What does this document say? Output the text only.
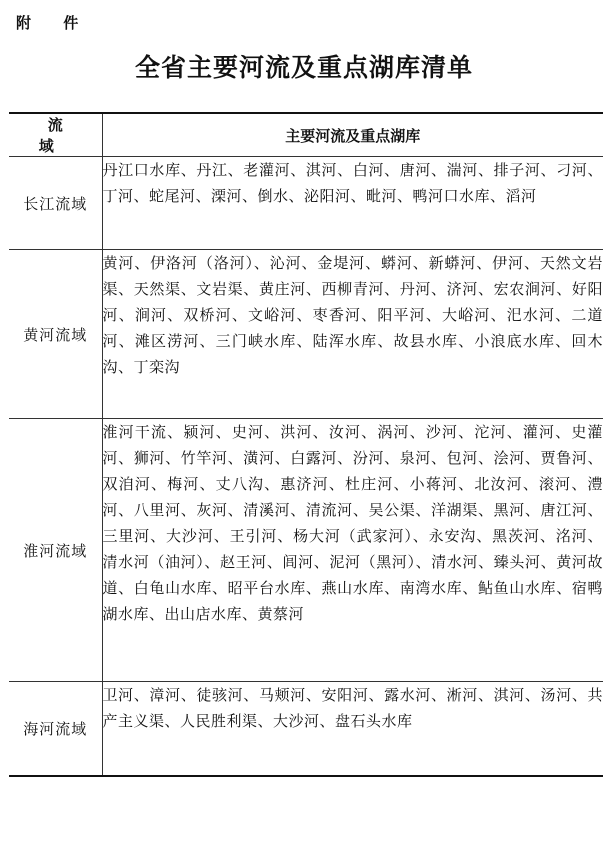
附 件
全省主要河流及重点湖库清单
流 域	主要河流及重点湖库
长江流域	丹江口水库、丹江、老灌河、淇河、白河、唐河、湍河、排子河、刁河、丁河、蛇尾河、溧河、倒水、泌阳河、毗河、鸭河口水库、滔河
黄河流域	黄河、伊洛河（洛河）、沁河、金堤河、蟒河、新蟒河、伊河、天然文岩渠、天然渠、文岩渠、黄庄河、西柳青河、丹河、济河、宏农涧河、好阳河、涧河、双桥河、文峪河、枣香河、阳平河、大峪河、汜水河、二道河、滩区涝河、三门峡水库、陆浑水库、故县水库、小浪底水库、回木沟、丁栾沟
淮河流域	淮河干流、颍河、史河、洪河、汝河、涡河、沙河、沱河、灌河、史灌河、狮河、竹竿河、潢河、白露河、汾河、泉河、包河、浍河、贾鲁河、双洎河、梅河、丈八沟、惠济河、杜庄河、小蒋河、北汝河、滚河、澧河、八里河、灰河、清溪河、清流河、吴公渠、洋湖渠、黑河、唐江河、三里河、大沙河、王引河、杨大河（武家河）、永安沟、黑茨河、洺河、清水河（油河）、赵王河、闾河、泥河（黑河）、清水河、臻头河、黄河故道、白龟山水库、昭平台水库、燕山水库、南湾水库、鲇鱼山水库、宿鸭湖水库、出山店水库、黄蔡河
海河流域	卫河、漳河、徒骇河、马颊河、安阳河、露水河、淅河、淇河、汤河、共产主义渠、人民胜利渠、大沙河、盘石头水库
